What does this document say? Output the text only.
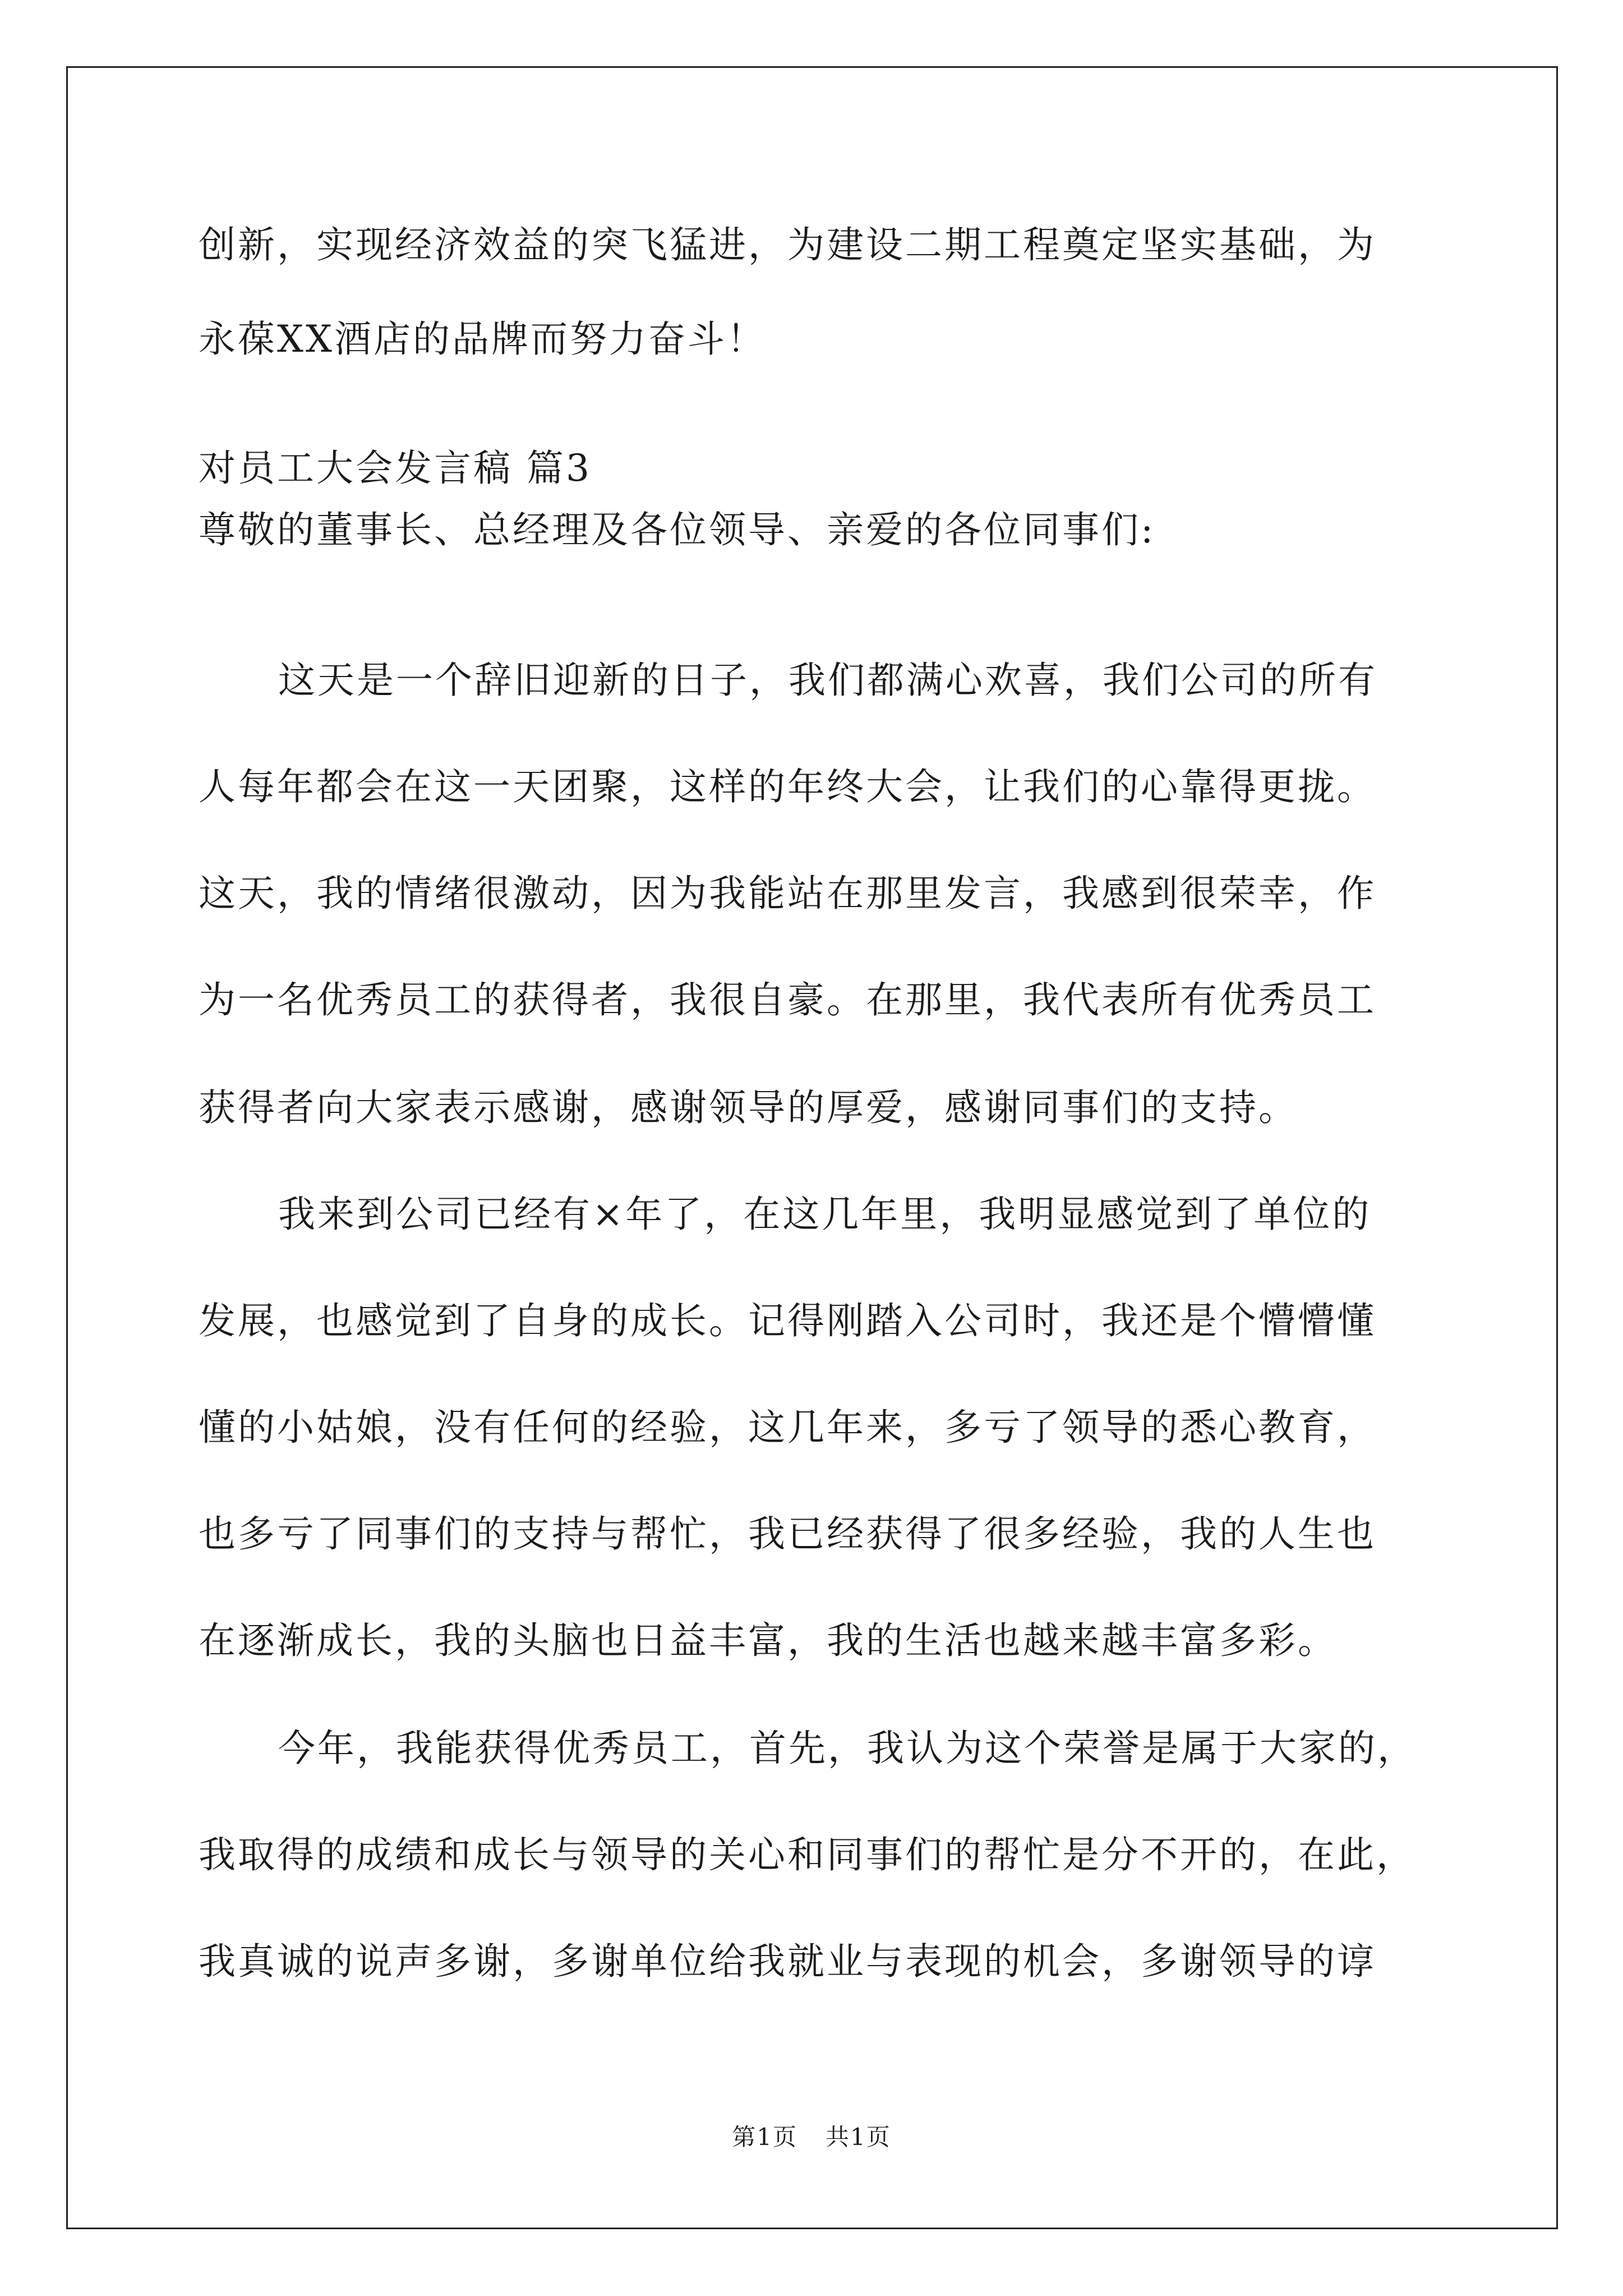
创新，实现经济效益的突飞猛进，为建设二期工程奠定坚实基础，为
永葆XX酒店的品牌而努力奋斗！
对员工大会发言稿 篇3
尊敬的董事长、总经理及各位领导、亲爱的各位同事们:
这天是一个辞旧迎新的日子，我们都满心欢喜，我们公司的所有
人每年都会在这一天团聚，这样的年终大会，让我们的心靠得更拢。
这天，我的情绪很激动，因为我能站在那里发言，我感到很荣幸，作
为一名优秀员工的获得者，我很自豪。在那里，我代表所有优秀员工
获得者向大家表示感谢，感谢领导的厚爱，感谢同事们的支持。
我来到公司已经有×年了，在这几年里，我明显感觉到了单位的
发展，也感觉到了自身的成长。记得刚踏入公司时，我还是个懵懵懂
懂的小姑娘，没有任何的经验，这几年来，多亏了领导的悉心教育，
也多亏了同事们的支持与帮忙，我已经获得了很多经验，我的人生也
在逐渐成长，我的头脑也日益丰富，我的生活也越来越丰富多彩。
今年，我能获得优秀员工，首先，我认为这个荣誉是属于大家的，
我取得的成绩和成长与领导的关心和同事们的帮忙是分不开的，在此，
我真诚的说声多谢，多谢单位给我就业与表现的机会，多谢领导的谆
第1页 共1页
